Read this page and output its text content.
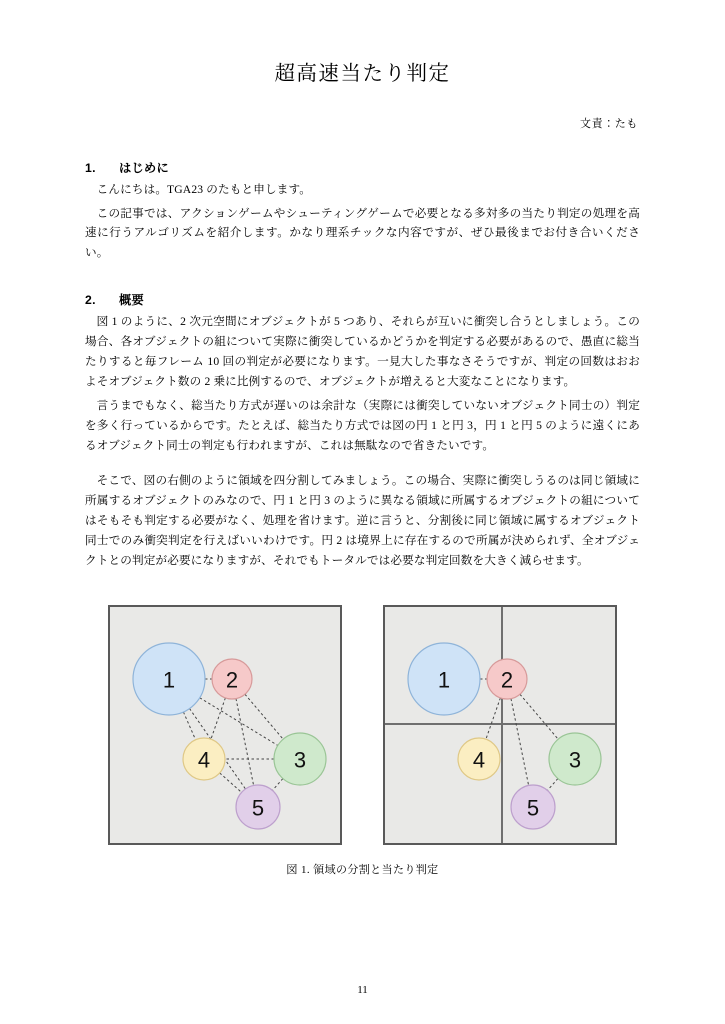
超高速当たり判定
文責：たも
1. はじめに

こんにちは。TGA23 のたもと申します。

この記事では、アクションゲームやシューティングゲームで必要となる多対多の当たり判定の処理を高速に行うアルゴリズムを紹介します。かなり理系チックな内容ですが、ぜひ最後までお付き合いください。

2. 概要

図 1 のように、2 次元空間にオブジェクトが 5 つあり、それらが互いに衝突し合うとしましょう。この場合、各オブジェクトの組について実際に衝突しているかどうかを判定する必要があるので、愚直に総当たりすると毎フレーム 10 回の判定が必要になります。一見大した事なさそうですが、判定の回数はおおよそオブジェクト数の 2 乗に比例するので、オブジェクトが増えると大変なことになります。

言うまでもなく、総当たり方式が遅いのは余計な（実際には衝突していないオブジェクト同士の）判定を多く行っているからです。たとえば、総当たり方式では図の円 1 と円 3，円 1 と円 5 のように遠くにあるオブジェクト同士の判定も行われますが、これは無駄なので省きたいです。

そこで、図の右側のように領域を四分割してみましょう。この場合、実際に衝突しうるのは同じ領域に所属するオブジェクトのみなので、円 1 と円 3 のように異なる領域に所属するオブジェクトの組についてはそもそも判定する必要がなく、処理を省けます。逆に言うと、分割後に同じ領域に属するオブジェクト同士でのみ衝突判定を行えばいいわけです。円 2 は境界上に存在するので所属が決められず、全オブジェクトとの判定が必要になりますが、それでもトータルでは必要な判定回数を大きく減らせます。

1 2
3
4
5
1 2
3
4
5
図 1. 領域の分割と当たり判定
11
